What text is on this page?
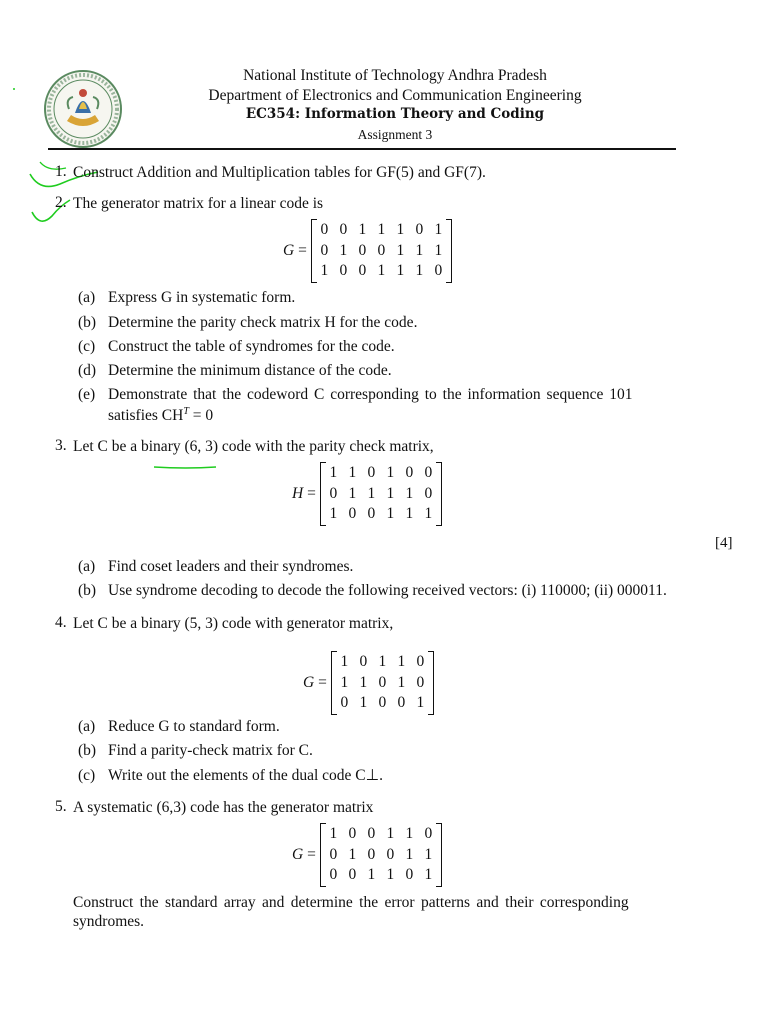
National Institute of Technology Andhra Pradesh
Department of Electronics and Communication Engineering
EC354: Information Theory and Coding
Assignment 3
1. Construct Addition and Multiplication tables for GF(5) and GF(7).
2. The generator matrix for a linear code is
G =
0 0 1 1 1 0 1
0 1 0 0 1 1 1
1 0 0 1 1 1 0
(a) Express G in systematic form.
(b) Determine the parity check matrix H for the code.
(c) Construct the table of syndromes for the code.
(d) Determine the minimum distance of the code.
(e) Demonstrate that the codeword C corresponding to the information sequence 101
satisfies $CH^T = 0$
3. Let C be a binary (6, 3) code with the parity check matrix,
H =
1 1 0 1 0 0
0 1 1 1 1 0
1 0 0 1 1 1
[4]
(a) Find coset leaders and their syndromes.
(b) Use syndrome decoding to decode the following received vectors: (i) 110000; (ii) 000011.
4. Let C be a binary (5, 3) code with generator matrix,
G =
1 0 1 1 0
1 1 0 1 0
0 1 0 0 1
(a) Reduce G to standard form.
(b) Find a parity-check matrix for C.
(c) Write out the elements of the dual code C⊥.
5. A systematic (6,3) code has the generator matrix
G =
1 0 0 1 1 0
0 1 0 0 1 1
0 0 1 1 0 1
Construct the standard array and determine the error patterns and their corresponding
syndromes.
